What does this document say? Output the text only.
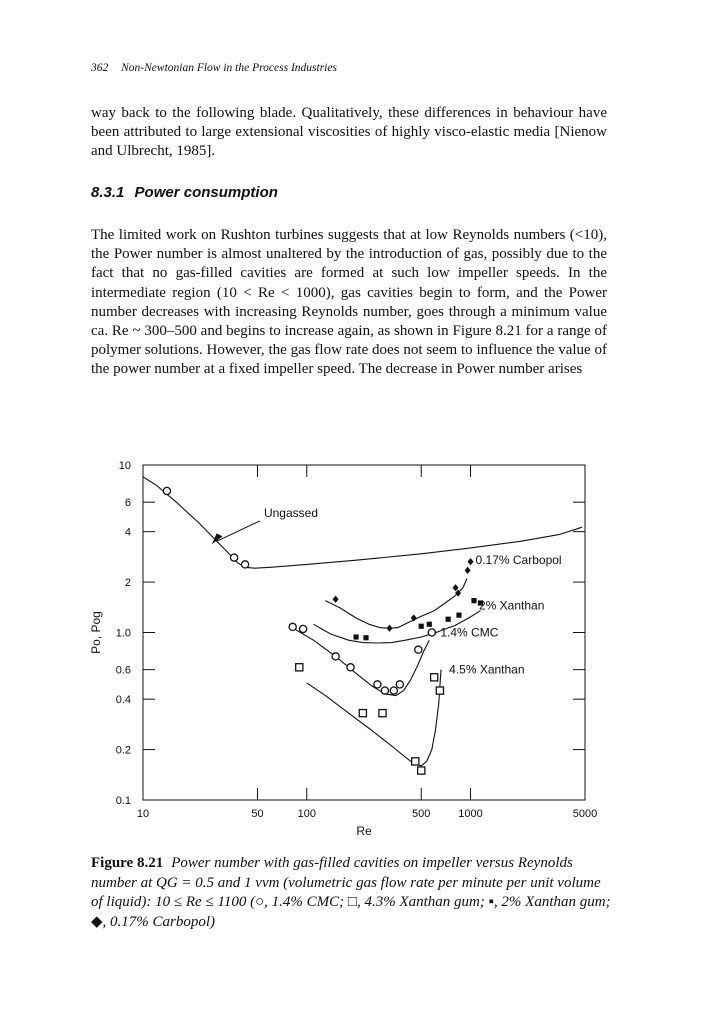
362 Non-Newtonian Flow in the Process Industries

way back to the following blade. Qualitatively, these differences in behaviour have been attributed to large extensional viscosities of highly visco-elastic media [Nienow and Ulbrecht, 1985].

8.3.1 Power consumption

The limited work on Rushton turbines suggests that at low Reynolds numbers (<10), the Power number is almost unaltered by the introduction of gas, possibly due to the fact that no gas-filled cavities are formed at such low impeller speeds. In the intermediate region (10 < Re < 1000), gas cavities begin to form, and the Power number decreases with increasing Reynolds number, goes through a minimum value ca. Re ~ 300–500 and begins to increase again, as shown in Figure 8.21 for a range of polymer solutions. However, the gas flow rate does not seem to influence the value of the power number at a fixed impeller speed. The decrease in Power number arises

10	50	100	500	1000	5000
0.1
0.2
0.4
0.6
1.0
2
4
6
10
Re
Po, Pog
0.17% Carbopol
2% Xanthan
1.4% CMC
4.5% Xanthan
Ungassed
Figure 8.21 Power number with gas-filled cavities on impeller versus Reynolds number at QG = 0.5 and 1 vvm (volumetric gas flow rate per minute per unit volume of liquid): 10 ≤ Re ≤ 1100 (○, 1.4% CMC; □, 4.3% Xanthan gum; ▪, 2% Xanthan gum; ◆, 0.17% Carbopol)
